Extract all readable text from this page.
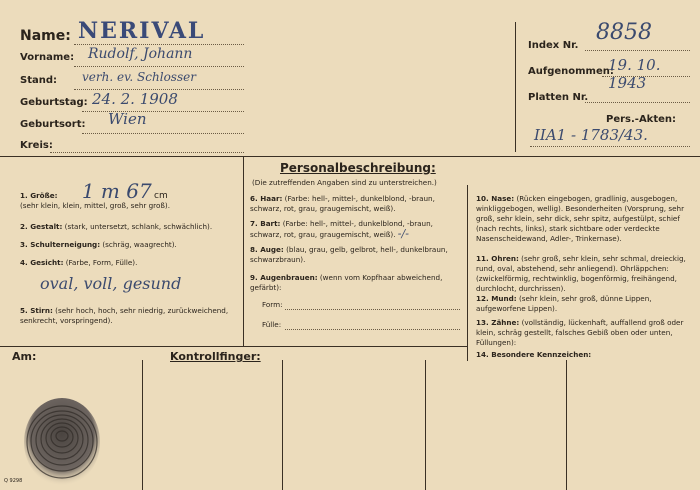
Name: NERIVAL
Vorname: Rudolf, Johann
Stand: verh. ev. Schlosser
Geburtstag: 24. 2. 1908
Geburtsort: Wien
Kreis:
Index Nr.
8858
Aufgenommen:
19. 10. 1943
Platten Nr.
Pers.-Akten:
IIA1 - 1783/43.
Personalbeschreibung:
(Die zutreffenden Angaben sind zu unterstreichen.)
1. Größe: 1 m 67 cm
(sehr klein, klein, mittel, groß, sehr groß).
2. Gestalt: (stark, untersetzt, schlank, schwächlich).
3. Schulterneigung: (schräg, waagrecht).
4. Gesicht: (Farbe, Form, Fülle).
oval, voll, gesund
5. Stirn: (sehr hoch, hoch, sehr niedrig, zurückweichend, senkrecht, vorspringend).
6. Haar: (Farbe: hell-, mittel-, dunkelblond, -braun, schwarz, rot, grau, graugemischt, weiß).
7. Bart: (Farbe: hell-, mittel-, dunkelblond, -braun, schwarz, rot, grau, graugemischt, weiß). -/-
8. Auge: (blau, grau, gelb, gelbrot, hell-, dunkelbraun, schwarzbraun).
9. Augenbrauen: (wenn vom Kopfhaar abweichend, gefärbt):
Form:
Fülle:
10. Nase: (Rücken eingebogen, gradlinig, ausgebogen, winkliggebogen, wellig). Besonderheiten (Vorsprung, sehr groß, sehr klein, sehr dick, sehr spitz, aufgestülpt, schief (nach rechts, links), stark sichtbare oder verdeckte Nasenscheidewand, Adler-, Trinkernase).
11. Ohren: (sehr groß, sehr klein, sehr schmal, dreieckig, rund, oval, abstehend, sehr anliegend). Ohrläppchen: (zwickelförmig, rechtwinklig, bogenförmig, freihängend, durchlocht, durchrissen).
12. Mund: (sehr klein, sehr groß, dünne Lippen, aufgeworfene Lippen).
13. Zähne: (vollständig, lückenhaft, auffallend groß oder klein, schräg gestellt, falsches Gebiß oben oder unten, Füllungen):
14. Besondere Kennzeichen:
Am:	Kontrollfinger:
Q 9298
